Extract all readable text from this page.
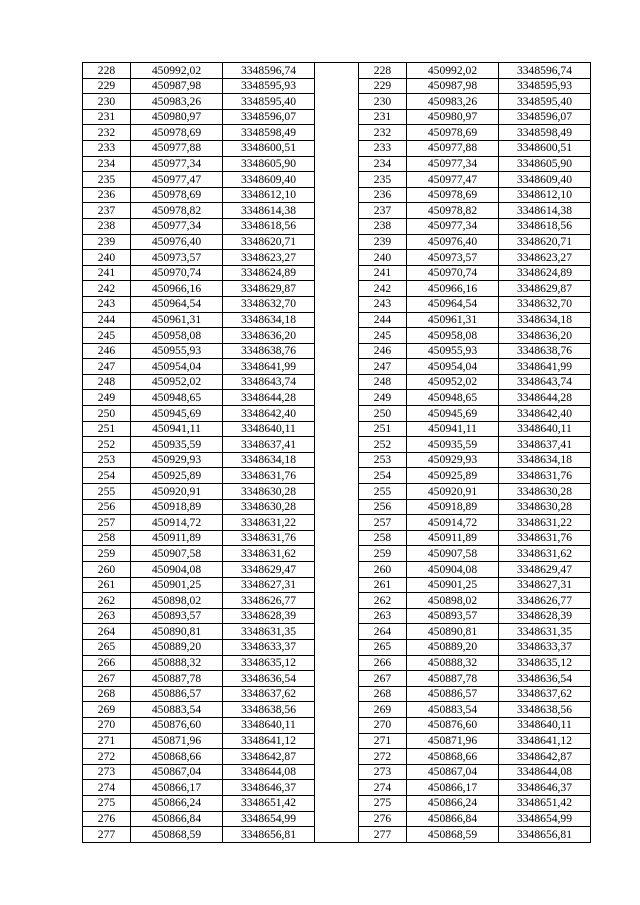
228	450992,02	3348596,74		228	450992,02	3348596,74
229	450987,98	3348595,93		229	450987,98	3348595,93
230	450983,26	3348595,40		230	450983,26	3348595,40
231	450980,97	3348596,07		231	450980,97	3348596,07
232	450978,69	3348598,49		232	450978,69	3348598,49
233	450977,88	3348600,51		233	450977,88	3348600,51
234	450977,34	3348605,90		234	450977,34	3348605,90
235	450977,47	3348609,40		235	450977,47	3348609,40
236	450978,69	3348612,10		236	450978,69	3348612,10
237	450978,82	3348614,38		237	450978,82	3348614,38
238	450977,34	3348618,56		238	450977,34	3348618,56
239	450976,40	3348620,71		239	450976,40	3348620,71
240	450973,57	3348623,27		240	450973,57	3348623,27
241	450970,74	3348624,89		241	450970,74	3348624,89
242	450966,16	3348629,87		242	450966,16	3348629,87
243	450964,54	3348632,70		243	450964,54	3348632,70
244	450961,31	3348634,18		244	450961,31	3348634,18
245	450958,08	3348636,20		245	450958,08	3348636,20
246	450955,93	3348638,76		246	450955,93	3348638,76
247	450954,04	3348641,99		247	450954,04	3348641,99
248	450952,02	3348643,74		248	450952,02	3348643,74
249	450948,65	3348644,28		249	450948,65	3348644,28
250	450945,69	3348642,40		250	450945,69	3348642,40
251	450941,11	3348640,11		251	450941,11	3348640,11
252	450935,59	3348637,41		252	450935,59	3348637,41
253	450929,93	3348634,18		253	450929,93	3348634,18
254	450925,89	3348631,76		254	450925,89	3348631,76
255	450920,91	3348630,28		255	450920,91	3348630,28
256	450918,89	3348630,28		256	450918,89	3348630,28
257	450914,72	3348631,22		257	450914,72	3348631,22
258	450911,89	3348631,76		258	450911,89	3348631,76
259	450907,58	3348631,62		259	450907,58	3348631,62
260	450904,08	3348629,47		260	450904,08	3348629,47
261	450901,25	3348627,31		261	450901,25	3348627,31
262	450898,02	3348626,77		262	450898,02	3348626,77
263	450893,57	3348628,39		263	450893,57	3348628,39
264	450890,81	3348631,35		264	450890,81	3348631,35
265	450889,20	3348633,37		265	450889,20	3348633,37
266	450888,32	3348635,12		266	450888,32	3348635,12
267	450887,78	3348636,54		267	450887,78	3348636,54
268	450886,57	3348637,62		268	450886,57	3348637,62
269	450883,54	3348638,56		269	450883,54	3348638,56
270	450876,60	3348640,11		270	450876,60	3348640,11
271	450871,96	3348641,12		271	450871,96	3348641,12
272	450868,66	3348642,87		272	450868,66	3348642,87
273	450867,04	3348644,08		273	450867,04	3348644,08
274	450866,17	3348646,37		274	450866,17	3348646,37
275	450866,24	3348651,42		275	450866,24	3348651,42
276	450866,84	3348654,99		276	450866,84	3348654,99
277	450868,59	3348656,81		277	450868,59	3348656,81
